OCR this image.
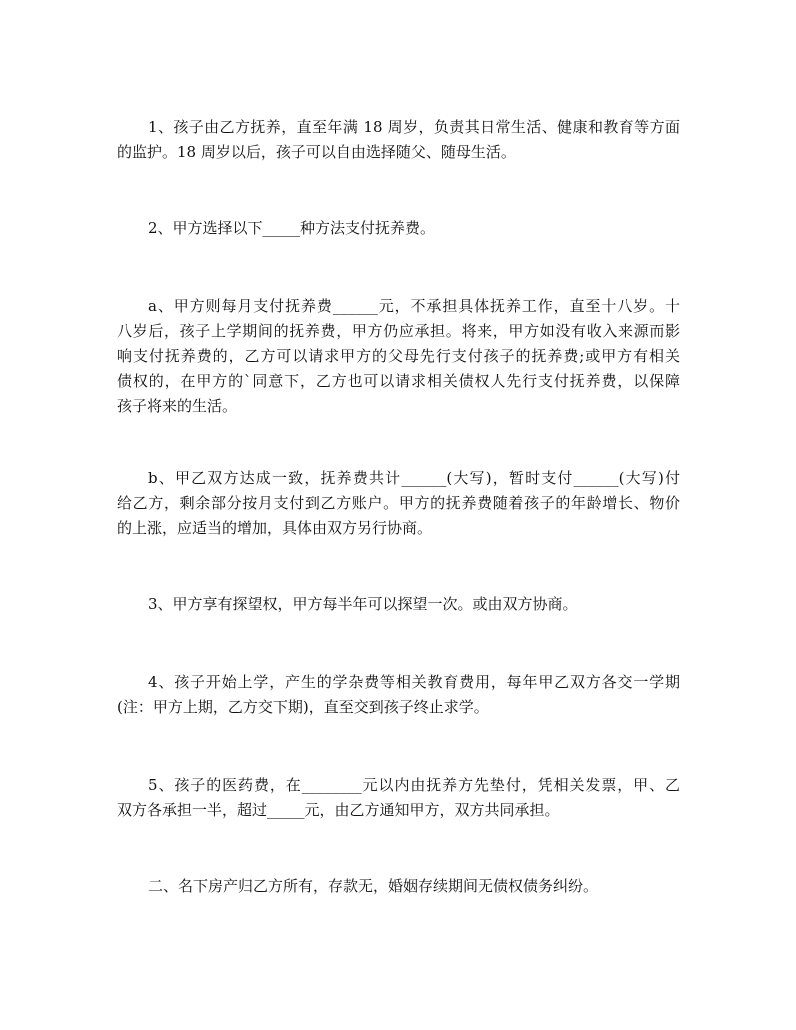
1、孩子由乙方抚养，直至年满 18 周岁，负责其日常生活、健康和教育等方面
的监护。18 周岁以后，孩子可以自由选择随父、随母生活。
2、甲方选择以下_____种方法支付抚养费。
a、甲方则每月支付抚养费______元，不承担具体抚养工作，直至十八岁。十
八岁后，孩子上学期间的抚养费，甲方仍应承担。将来，甲方如没有收入来源而影
响支付抚养费的，乙方可以请求甲方的父母先行支付孩子的抚养费;或甲方有相关
债权的，在甲方的`同意下，乙方也可以请求相关债权人先行支付抚养费，以保障
孩子将来的生活。
b、甲乙双方达成一致，抚养费共计______(大写)，暂时支付______(大写)付
给乙方，剩余部分按月支付到乙方账户。甲方的抚养费随着孩子的年龄增长、物价
的上涨，应适当的增加，具体由双方另行协商。
3、甲方享有探望权，甲方每半年可以探望一次。或由双方协商。
4、孩子开始上学，产生的学杂费等相关教育费用，每年甲乙双方各交一学期
(注：甲方上期，乙方交下期)，直至交到孩子终止求学。
5、孩子的医药费，在________元以内由抚养方先垫付，凭相关发票，甲、乙
双方各承担一半，超过_____元，由乙方通知甲方，双方共同承担。
二、名下房产归乙方所有，存款无，婚姻存续期间无债权债务纠纷。
